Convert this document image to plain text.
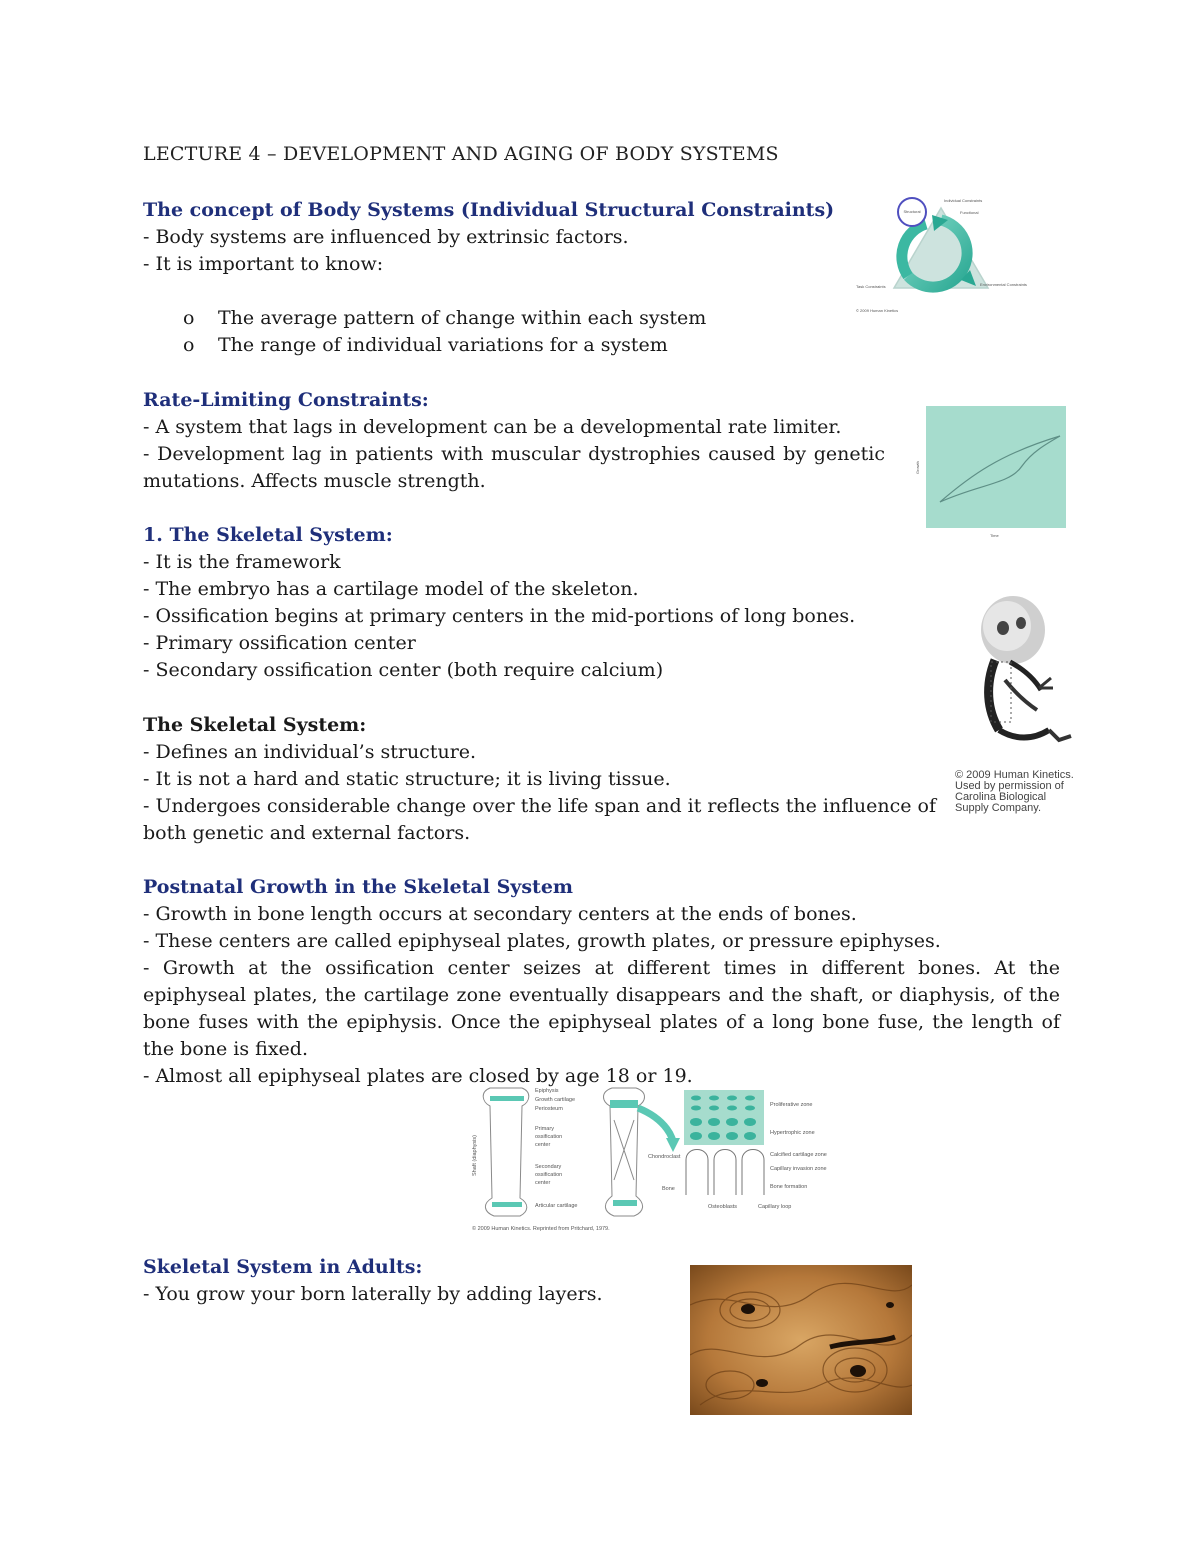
LECTURE 4 – DEVELOPMENT AND AGING OF BODY SYSTEMS
The concept of Body Systems (Individual Structural Constraints)
- Body systems are influenced by extrinsic factors.
- It is important to know:
o	The average pattern of change within each system
o	The range of individual variations for a system
Rate-Limiting Constraints:
- A system that lags in development can be a developmental rate limiter.
- Development lag in patients with muscular dystrophies caused by genetic mutations. Affects muscle strength.
1. The Skeletal System:
- It is the framework
- The embryo has a cartilage model of the skeleton.
- Ossification begins at primary centers in the mid-portions of long bones.
- Primary ossification center
- Secondary ossification center (both require calcium)
The Skeletal System:
- Defines an individual’s structure.
- It is not a hard and static structure; it is living tissue.
- Undergoes considerable change over the life span and it reflects the influence of both genetic and external factors.
Postnatal Growth in the Skeletal System
- Growth in bone length occurs at secondary centers at the ends of bones.
- These centers are called epiphyseal plates, growth plates, or pressure epiphyses.
- Growth at the ossification center seizes at different times in different bones. At the epiphyseal plates, the cartilage zone eventually disappears and the shaft, or diaphysis, of the bone fuses with the epiphysis. Once the epiphyseal plates of a long bone fuse, the length of the bone is fixed.
- Almost all epiphyseal plates are closed by age 18 or 19.
Skeletal System in Adults:
- You grow your born laterally by adding layers.
Structural
Individual Constraints
Functional
Task Constraints	Environmental Constraints
© 2009 Human Kinetics
Growth
Time
© 2009 Human Kinetics.
Used by permission of
Carolina Biological
Supply Company.
Epiphysis
Growth cartilage
Periosteum
Primary
ossification
center
Secondary
ossification
center
Articular cartilage
Shaft (diaphysis)	Chondroclast
Bone
Proliferative zone
Hypertrophic zone
Calcified cartilage zone
Capillary invasion zone
Bone formation
Osteoblasts	Capillary loop
© 2009 Human Kinetics. Reprinted from Pritchard, 1979.
